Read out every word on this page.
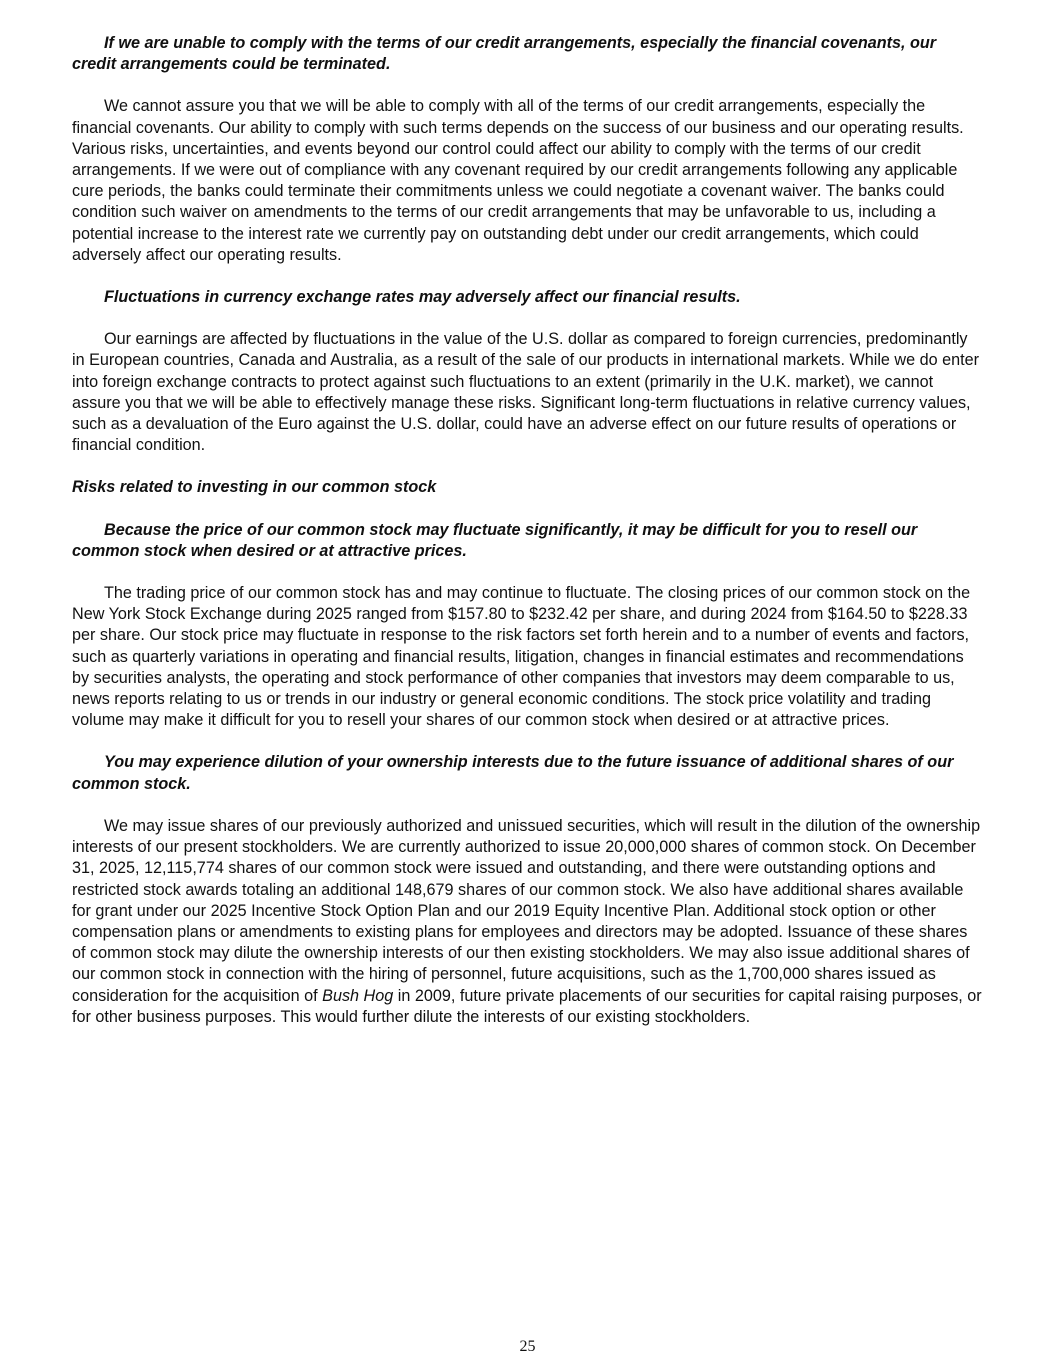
If we are unable to comply with the terms of our credit arrangements, especially the financial covenants, our credit arrangements could be terminated.

We cannot assure you that we will be able to comply with all of the terms of our credit arrangements, especially the financial covenants. Our ability to comply with such terms depends on the success of our business and our operating results. Various risks, uncertainties, and events beyond our control could affect our ability to comply with the terms of our credit arrangements. If we were out of compliance with any covenant required by our credit arrangements following any applicable cure periods, the banks could terminate their commitments unless we could negotiate a covenant waiver. The banks could condition such waiver on amendments to the terms of our credit arrangements that may be unfavorable to us, including a potential increase to the interest rate we currently pay on outstanding debt under our credit arrangements, which could adversely affect our operating results.

Fluctuations in currency exchange rates may adversely affect our financial results.

Our earnings are affected by fluctuations in the value of the U.S. dollar as compared to foreign currencies, predominantly in European countries, Canada and Australia, as a result of the sale of our products in international markets. While we do enter into foreign exchange contracts to protect against such fluctuations to an extent (primarily in the U.K. market), we cannot assure you that we will be able to effectively manage these risks. Significant long-term fluctuations in relative currency values, such as a devaluation of the Euro against the U.S. dollar, could have an adverse effect on our future results of operations or financial condition.

Risks related to investing in our common stock

Because the price of our common stock may fluctuate significantly, it may be difficult for you to resell our common stock when desired or at attractive prices.

The trading price of our common stock has and may continue to fluctuate. The closing prices of our common stock on the New York Stock Exchange during 2025 ranged from $157.80 to $232.42 per share, and during 2024 from $164.50 to $228.33 per share. Our stock price may fluctuate in response to the risk factors set forth herein and to a number of events and factors, such as quarterly variations in operating and financial results, litigation, changes in financial estimates and recommendations by securities analysts, the operating and stock performance of other companies that investors may deem comparable to us, news reports relating to us or trends in our industry or general economic conditions. The stock price volatility and trading volume may make it difficult for you to resell your shares of our common stock when desired or at attractive prices.

You may experience dilution of your ownership interests due to the future issuance of additional shares of our common stock.

We may issue shares of our previously authorized and unissued securities, which will result in the dilution of the ownership interests of our present stockholders. We are currently authorized to issue 20,000,000 shares of common stock. On December 31, 2025, 12,115,774 shares of our common stock were issued and outstanding, and there were outstanding options and restricted stock awards totaling an additional 148,679 shares of our common stock. We also have additional shares available for grant under our 2025 Incentive Stock Option Plan and our 2019 Equity Incentive Plan. Additional stock option or other compensation plans or amendments to existing plans for employees and directors may be adopted. Issuance of these shares of common stock may dilute the ownership interests of our then existing stockholders. We may also issue additional shares of our common stock in connection with the hiring of personnel, future acquisitions, such as the 1,700,000 shares issued as consideration for the acquisition of Bush Hog in 2009, future private placements of our securities for capital raising purposes, or for other business purposes. This would further dilute the interests of our existing stockholders.

25
